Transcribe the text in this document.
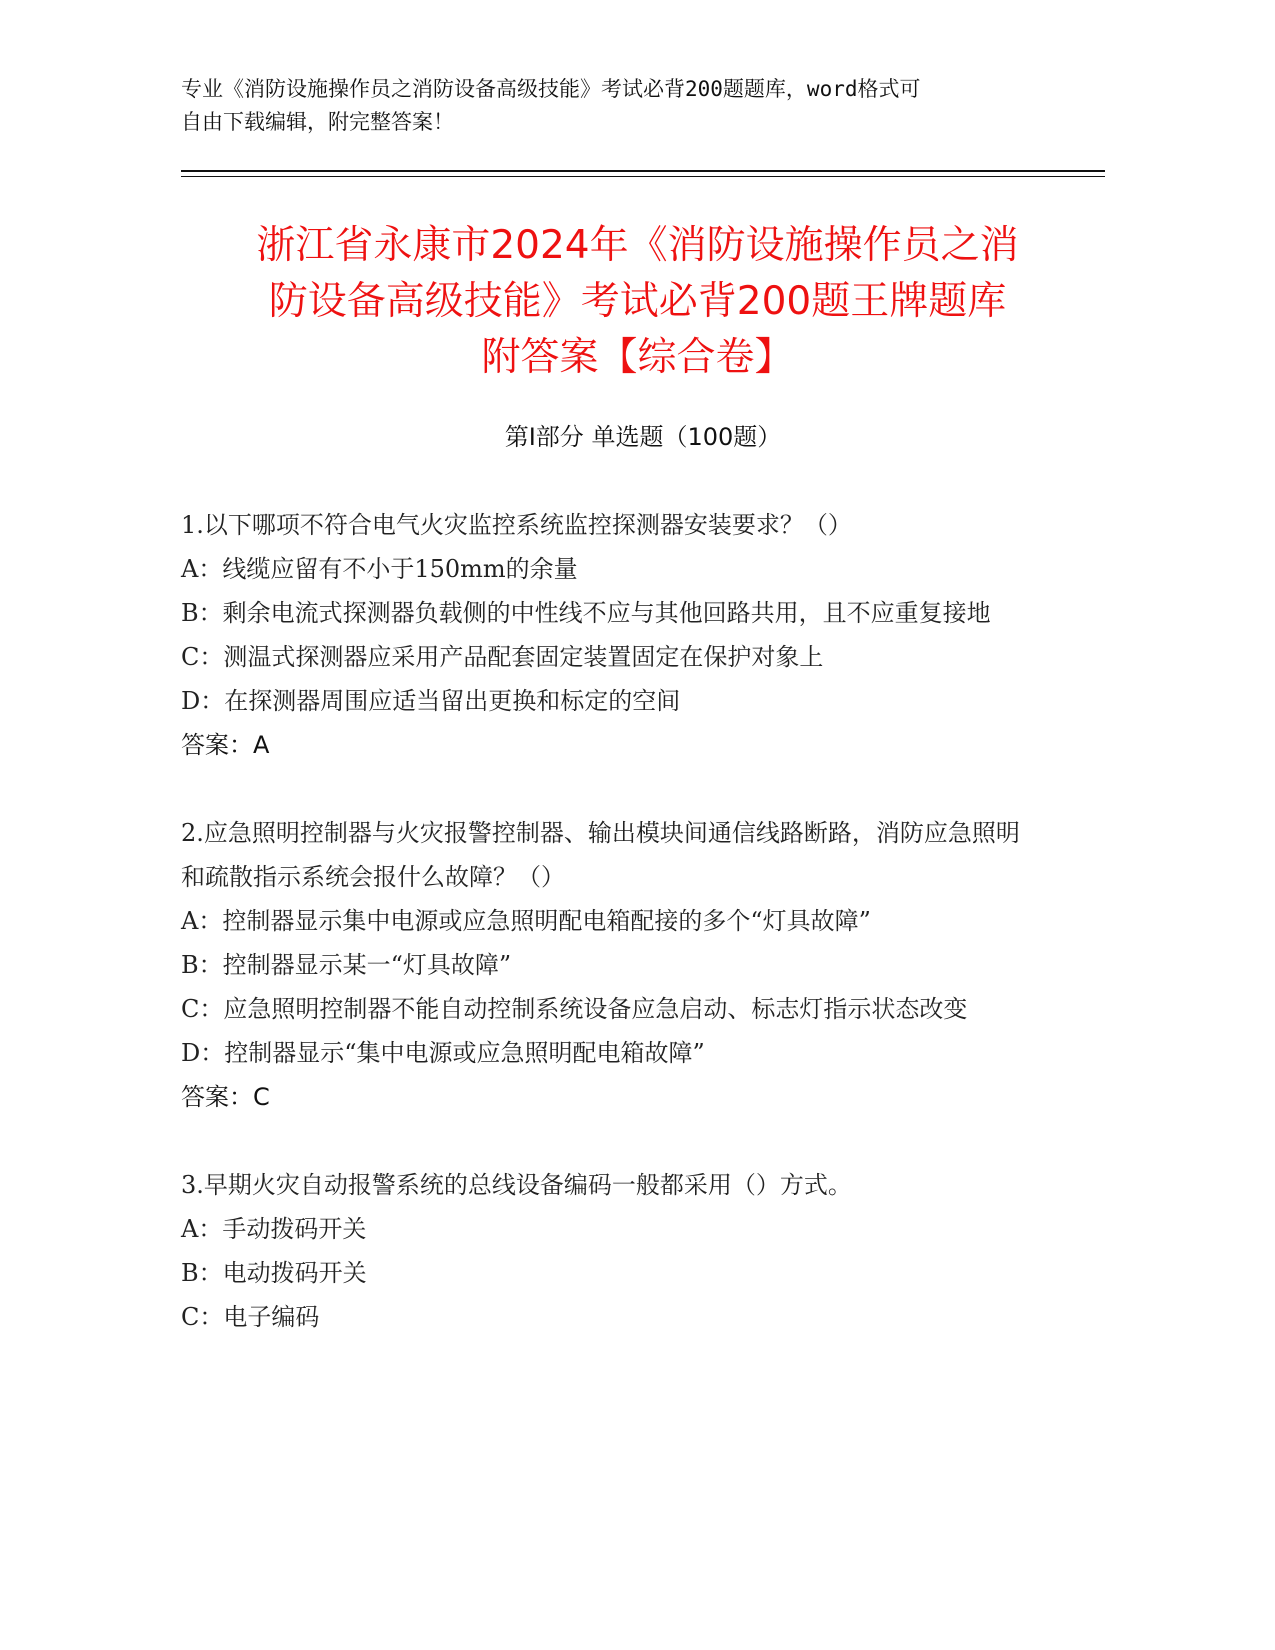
专业《消防设施操作员之消防设备高级技能》考试必背200题题库，word格式可
自由下载编辑，附完整答案！
浙江省永康市2024年《消防设施操作员之消
防设备高级技能》考试必背200题王牌题库
附答案【综合卷】
第Ⅰ部分 单选题（100题）

1.以下哪项不符合电气火灾监控系统监控探测器安装要求？（）

A：线缆应留有不小于150mm的余量

B：剩余电流式探测器负载侧的中性线不应与其他回路共用，且不应重复接地

C：测温式探测器应采用产品配套固定装置固定在保护对象上

D：在探测器周围应适当留出更换和标定的空间

答案：A

2.应急照明控制器与火灾报警控制器、输出模块间通信线路断路，消防应急照明和疏散指示系统会报什么故障？（）

A：控制器显示集中电源或应急照明配电箱配接的多个“灯具故障”

B：控制器显示某一“灯具故障”

C：应急照明控制器不能自动控制系统设备应急启动、标志灯指示状态改变

D：控制器显示“集中电源或应急照明配电箱故障”

答案：C

3.早期火灾自动报警系统的总线设备编码一般都采用（）方式。

A：手动拨码开关

B：电动拨码开关

C：电子编码
